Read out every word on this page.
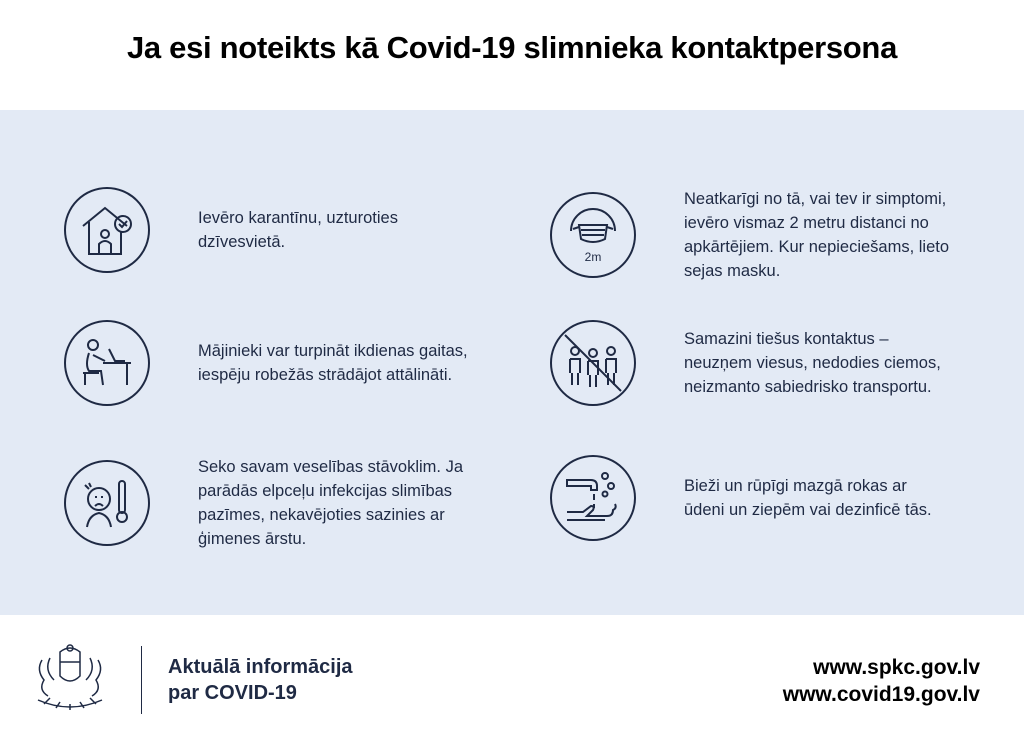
Ja esi noteikts kā Covid-19 slimnieka kontaktpersona
Ievēro karantīnu, uzturoties
dzīvesvietā.
Mājinieki var turpināt ikdienas gaitas,
iespēju robežās strādājot attālināti.
Seko savam veselības stāvoklim. Ja
parādās elpceļu infekcijas slimības
pazīmes, nekavējoties sazinies ar
ģimenes ārstu.
2m
Neatkarīgi no tā, vai tev ir simptomi,
ievēro vismaz 2 metru distanci no
apkārtējiem. Kur nepieciešams, lieto
sejas masku.
Samazini tiešus kontaktus –
neuzņem viesus, nedodies ciemos,
neizmanto sabiedrisko transportu.
Bieži un rūpīgi mazgā rokas ar
ūdeni un ziepēm vai dezinficē tās.
Aktuālā informācija
par COVID-19
www.spkc.gov.lv
www.covid19.gov.lv
